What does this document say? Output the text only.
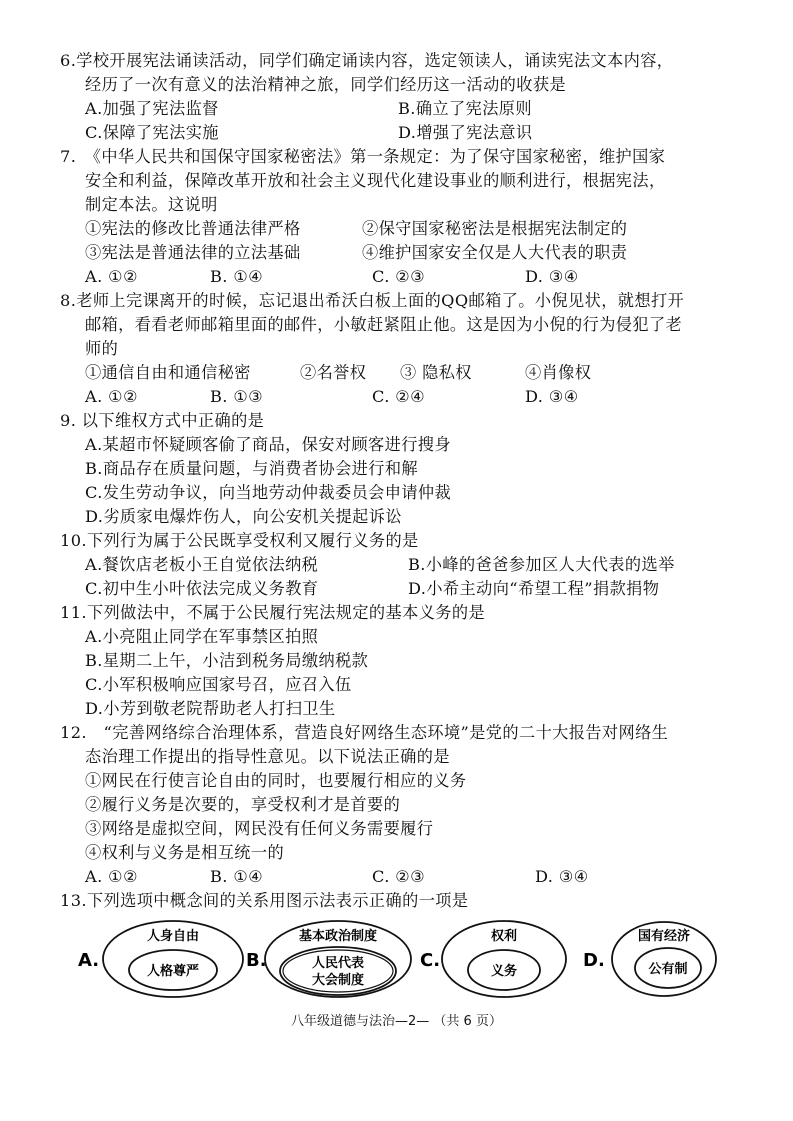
6.学校开展宪法诵读活动，同学们确定诵读内容，选定领读人，诵读宪法文本内容，
经历了一次有意义的法治精神之旅，同学们经历这一活动的收获是
A.加强了宪法监督	B.确立了宪法原则
C.保障了宪法实施	D.增强了宪法意识
7.　《中华人民共和国保守国家秘密法》第一条规定：为了保守国家秘密，维护国家
安全和利益，保障改革开放和社会主义现代化建设事业的顺利进行，根据宪法，
制定本法。这说明
①宪法的修改比普通法律严格	②保守国家秘密法是根据宪法制定的
③宪法是普通法律的立法基础	④维护国家安全仅是人大代表的职责
A. ①②	B. ①④	C. ②③	D. ③④
8.老师上完课离开的时候，忘记退出希沃白板上面的QQ邮箱了。小倪见状，就想打开
邮箱，看看老师邮箱里面的邮件，小敏赶紧阻止他。这是因为小倪的行为侵犯了老
师的
①通信自由和通信秘密	②名誉权 ③ 隐私权	④肖像权
A. ①②	B. ①③	C. ②④	D. ③④
9. 以下维权方式中正确的是
A.某超市怀疑顾客偷了商品，保安对顾客进行搜身
B.商品存在质量问题，与消费者协会进行和解
C.发生劳动争议，向当地劳动仲裁委员会申请仲裁
D.劣质家电爆炸伤人，向公安机关提起诉讼
10.下列行为属于公民既享受权利又履行义务的是
A.餐饮店老板小王自觉依法纳税	B.小峰的爸爸参加区人大代表的选举
C.初中生小叶依法完成义务教育	D.小希主动向“希望工程”捐款捐物
11.下列做法中，不属于公民履行宪法规定的基本义务的是
A.小亮阻止同学在军事禁区拍照
B.星期二上午，小洁到税务局缴纳税款
C.小军积极响应国家号召，应召入伍
D.小芳到敬老院帮助老人打扫卫生
12.　“完善网络综合治理体系，营造良好网络生态环境”是党的二十大报告对网络生
态治理工作提出的指导性意见。以下说法正确的是
①网民在行使言论自由的同时，也要履行相应的义务
②履行义务是次要的，享受权利才是首要的
③网络是虚拟空间，网民没有任何义务需要履行
④权利与义务是相互统一的
A. ①②	B. ①④	C. ②③	D. ③④
13.下列选项中概念间的关系用图示法表示正确的一项是
A.
人身自由
人格尊严
B.
基本政治制度
人民代表
大会制度
C.
权利
义务
D.
国有经济
公有制
八年级道德与法治—2— （共 6 页）
